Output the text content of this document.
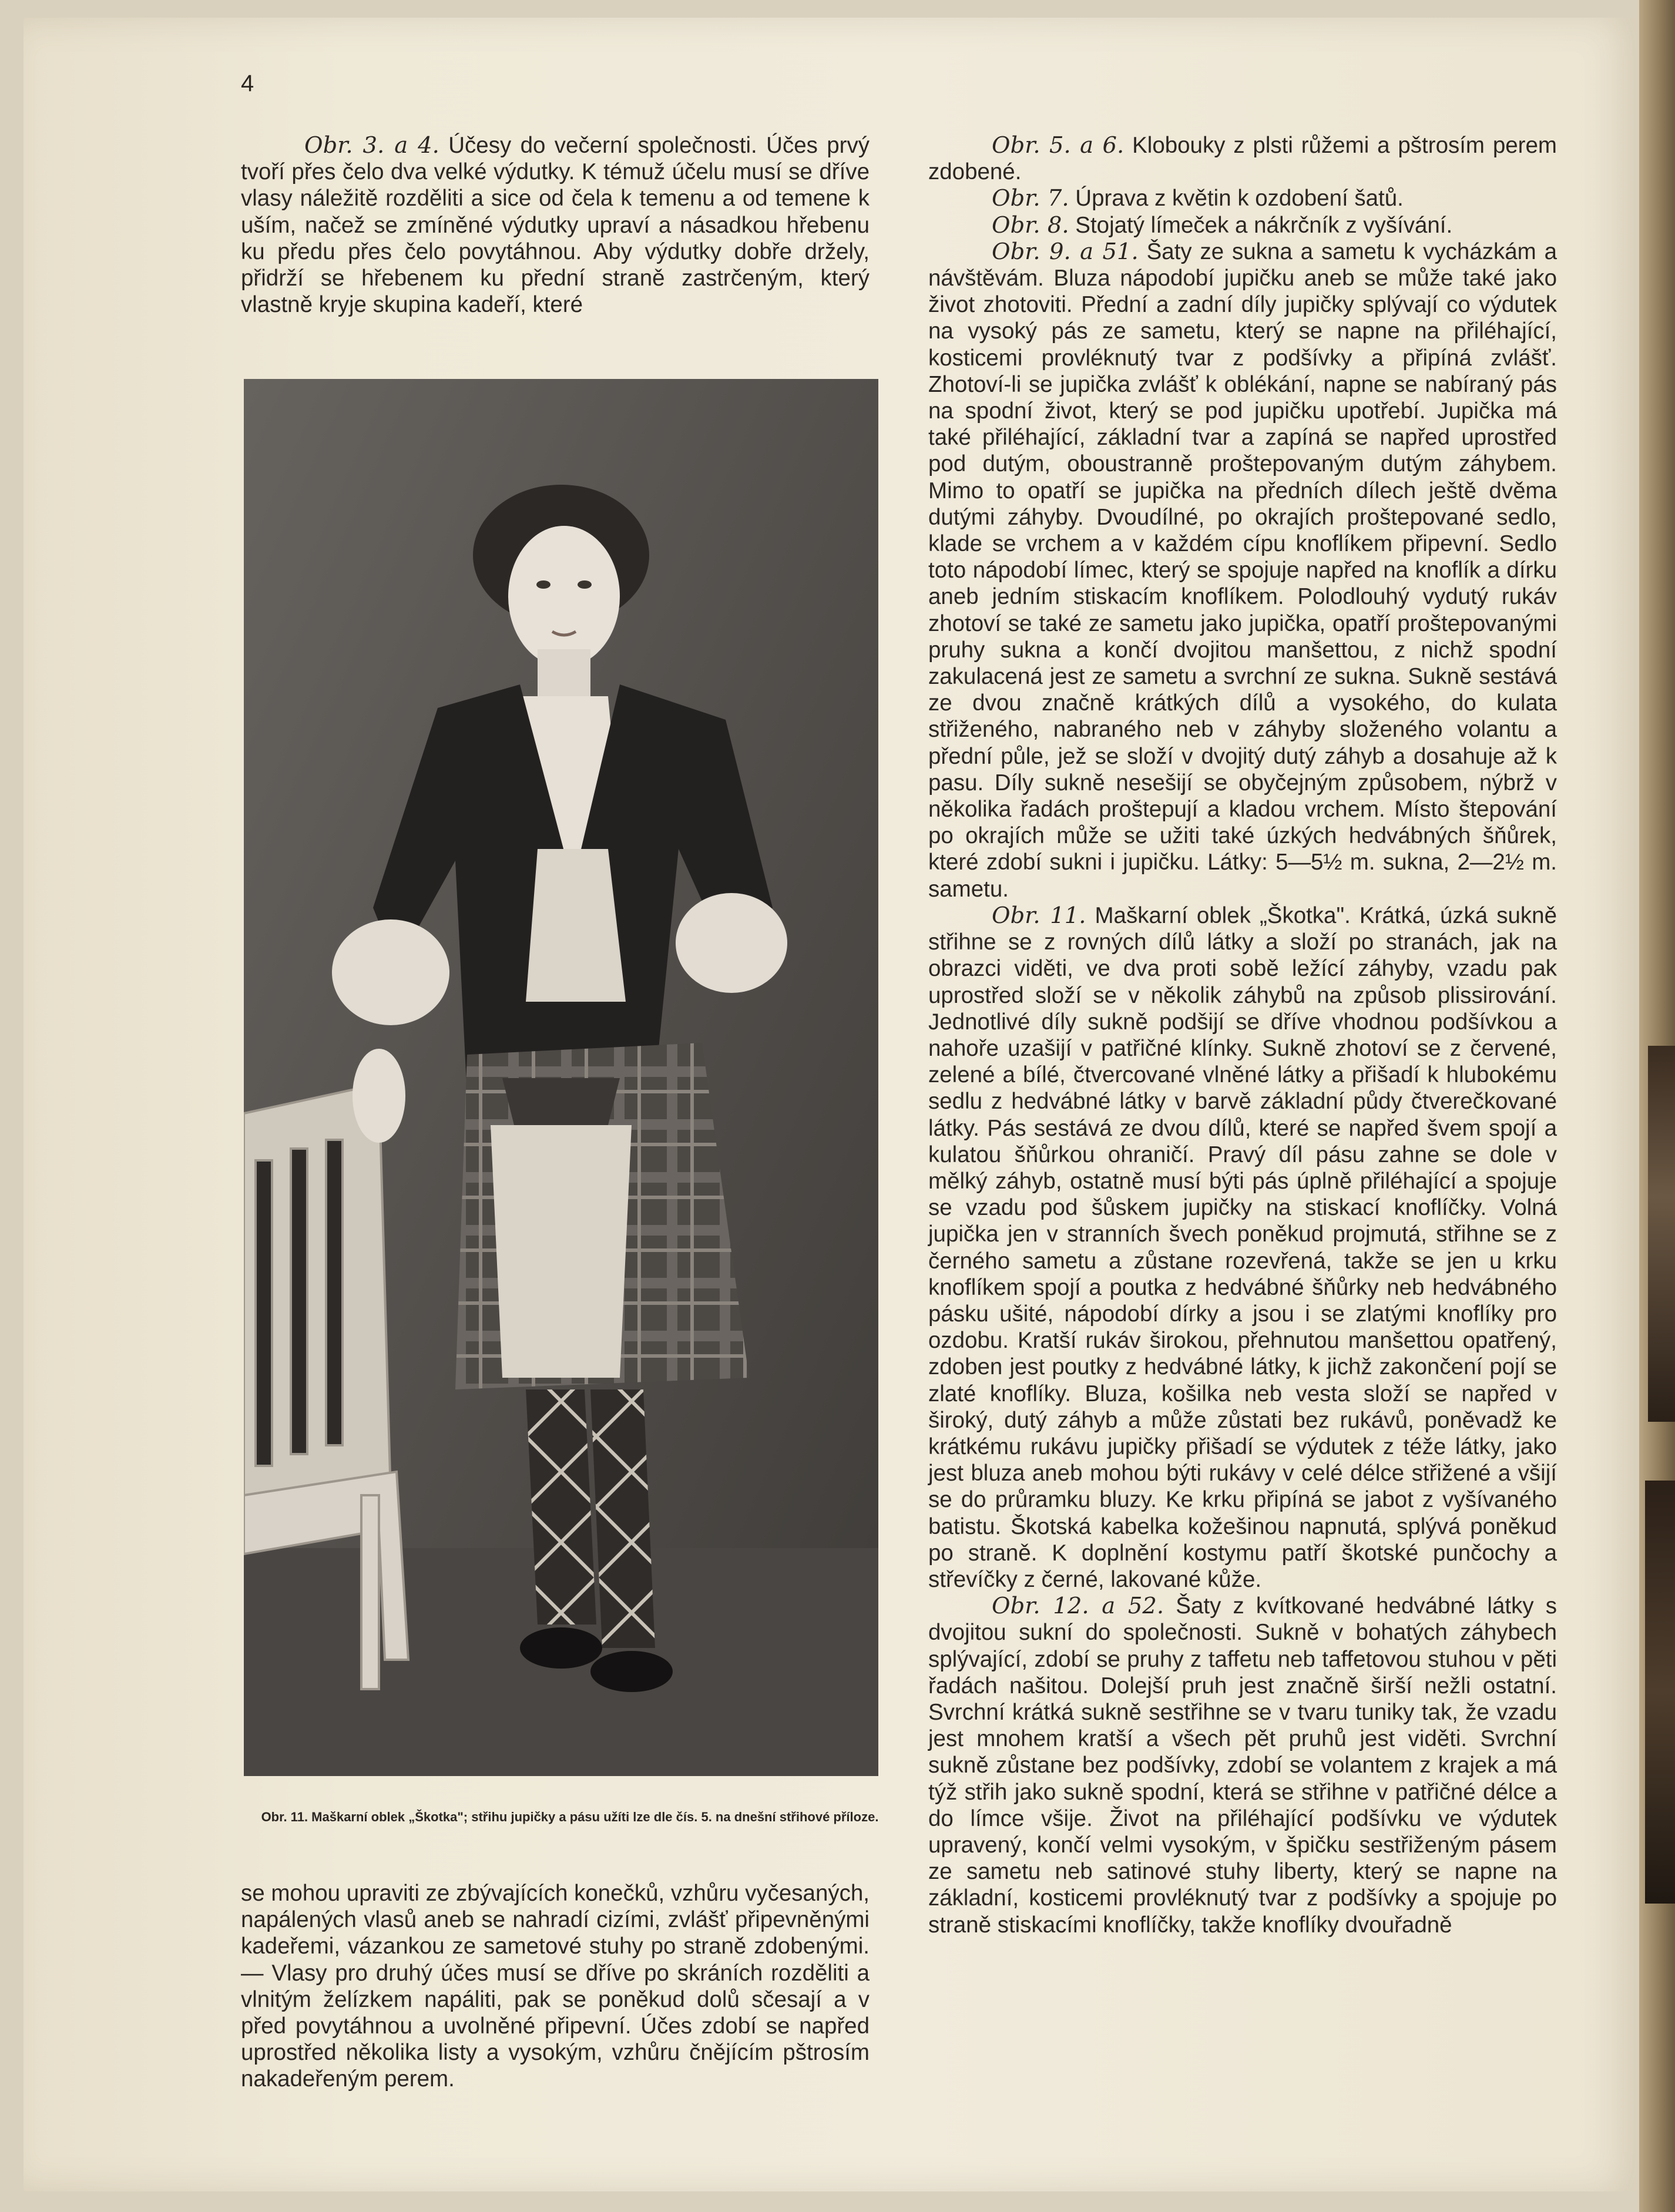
4

Obr. 3. a 4. Účesy do večerní společnosti. Účes prvý tvoří přes čelo dva velké výdutky. K témuž účelu musí se dříve vlasy náležitě rozděliti a sice od čela k temenu a od temene k uším, načež se zmíněné výdutky upraví a násadkou hřebenu ku předu přes čelo povytáhnou. Aby výdutky dobře držely, přidrží se hřebenem ku přední straně zastrčeným, který vlastně kryje skupina kadeří, které

Obr. 11. Maškarní oblek „Škotka"; střihu jupičky a pásu užíti lze dle čís. 5. na dnešní střihové příloze.

se mohou upraviti ze zbývajících konečků, vzhůru vyčesaných, napálených vlasů aneb se nahradí cizími, zvlášť připevněnými kadeřemi, vázankou ze sametové stuhy po straně zdobenými. — Vlasy pro druhý účes musí se dříve po skráních rozděliti a vlnitým želízkem napáliti, pak se poněkud dolů sčesají a v před povytáhnou a uvolněné připevní. Účes zdobí se napřed uprostřed několika listy a vysokým, vzhůru čnějícím pštrosím nakadeřeným perem.

Obr. 5. a 6. Klobouky z plsti růžemi a pštrosím perem zdobené.

Obr. 7. Úprava z květin k ozdobení šatů.

Obr. 8. Stojatý límeček a nákrčník z vyšívání.

Obr. 9. a 51. Šaty ze sukna a sametu k vycházkám a návštěvám. Bluza nápodobí jupičku aneb se může také jako život zhotoviti. Přední a zadní díly jupičky splývají co výdutek na vysoký pás ze sametu, který se napne na přiléhající, kosticemi provléknutý tvar z podšívky a připíná zvlášť. Zhotoví-li se jupička zvlášť k oblékání, napne se nabíraný pás na spodní život, který se pod jupičku upotřebí. Jupička má také přiléhající, základní tvar a zapíná se napřed uprostřed pod dutým, oboustranně proštepovaným dutým záhybem. Mimo to opatří se jupička na předních dílech ještě dvěma dutými záhyby. Dvoudílné, po okrajích proštepované sedlo, klade se vrchem a v každém cípu knoflíkem připevní. Sedlo toto nápodobí límec, který se spojuje napřed na knoflík a dírku aneb jedním stiskacím knoflíkem. Polodlouhý vydutý rukáv zhotoví se také ze sametu jako jupička, opatří proštepovanými pruhy sukna a končí dvojitou manšettou, z nichž spodní zakulacená jest ze sametu a svrchní ze sukna. Sukně sestává ze dvou značně krátkých dílů a vysokého, do kulata střiženého, nabraného neb v záhyby složeného volantu a přední půle, jež se složí v dvojitý dutý záhyb a dosahuje až k pasu. Díly sukně nesešijí se obyčejným způsobem, nýbrž v několika řadách proštepují a kladou vrchem. Místo štepování po okrajích může se užiti také úzkých hedvábných šňůrek, které zdobí sukni i jupičku. Látky: 5—5½ m. sukna, 2—2½ m. sametu.

Obr. 11. Maškarní oblek „Škotka". Krátká, úzká sukně střihne se z rovných dílů látky a složí po stranách, jak na obrazci viděti, ve dva proti sobě ležící záhyby, vzadu pak uprostřed složí se v několik záhybů na způsob plissirování. Jednotlivé díly sukně podšijí se dříve vhodnou podšívkou a nahoře uzašijí v patřičné klínky. Sukně zhotoví se z červené, zelené a bílé, čtvercované vlněné látky a přišadí k hlubokému sedlu z hedvábné látky v barvě základní půdy čtverečkované látky. Pás sestává ze dvou dílů, které se napřed švem spojí a kulatou šňůrkou ohraničí. Pravý díl pásu zahne se dole v mělký záhyb, ostatně musí býti pás úplně přiléhající a spojuje se vzadu pod šůskem jupičky na stiskací knoflíčky. Volná jupička jen v stranních švech poněkud projmutá, střihne se z černého sametu a zůstane rozevřená, takže se jen u krku knoflíkem spojí a poutka z hedvábné šňůrky neb hedvábného pásku ušité, nápodobí dírky a jsou i se zlatými knoflíky pro ozdobu. Kratší rukáv širokou, přehnutou manšettou opatřený, zdoben jest poutky z hedvábné látky, k jichž zakončení pojí se zlaté knoflíky. Bluza, košilka neb vesta složí se napřed v široký, dutý záhyb a může zůstati bez rukávů, poněvadž ke krátkému rukávu jupičky přišadí se výdutek z téže látky, jako jest bluza aneb mohou býti rukávy v celé délce střižené a všijí se do průramku bluzy. Ke krku připíná se jabot z vyšívaného batistu. Škotská kabelka kožešinou napnutá, splývá poněkud po straně. K doplnění kostymu patří škotské punčochy a střevíčky z černé, lakované kůže.

Obr. 12. a 52. Šaty z kvítkované hedvábné látky s dvojitou sukní do společnosti. Sukně v bohatých záhybech splývající, zdobí se pruhy z taffetu neb taffetovou stuhou v pěti řadách našitou. Dolejší pruh jest značně širší nežli ostatní. Svrchní krátká sukně sestřihne se v tvaru tuniky tak, že vzadu jest mnohem kratší a všech pět pruhů jest viděti. Svrchní sukně zůstane bez podšívky, zdobí se volantem z krajek a má týž střih jako sukně spodní, která se střihne v patřičné délce a do límce všije. Život na přiléhající podšívku ve výdutek upravený, končí velmi vysokým, v špičku sestřiženým pásem ze sametu neb satinové stuhy liberty, který se napne na základní, kosticemi provléknutý tvar z podšívky a spojuje po straně stiskacími knoflíčky, takže knoflíky dvouřadně
